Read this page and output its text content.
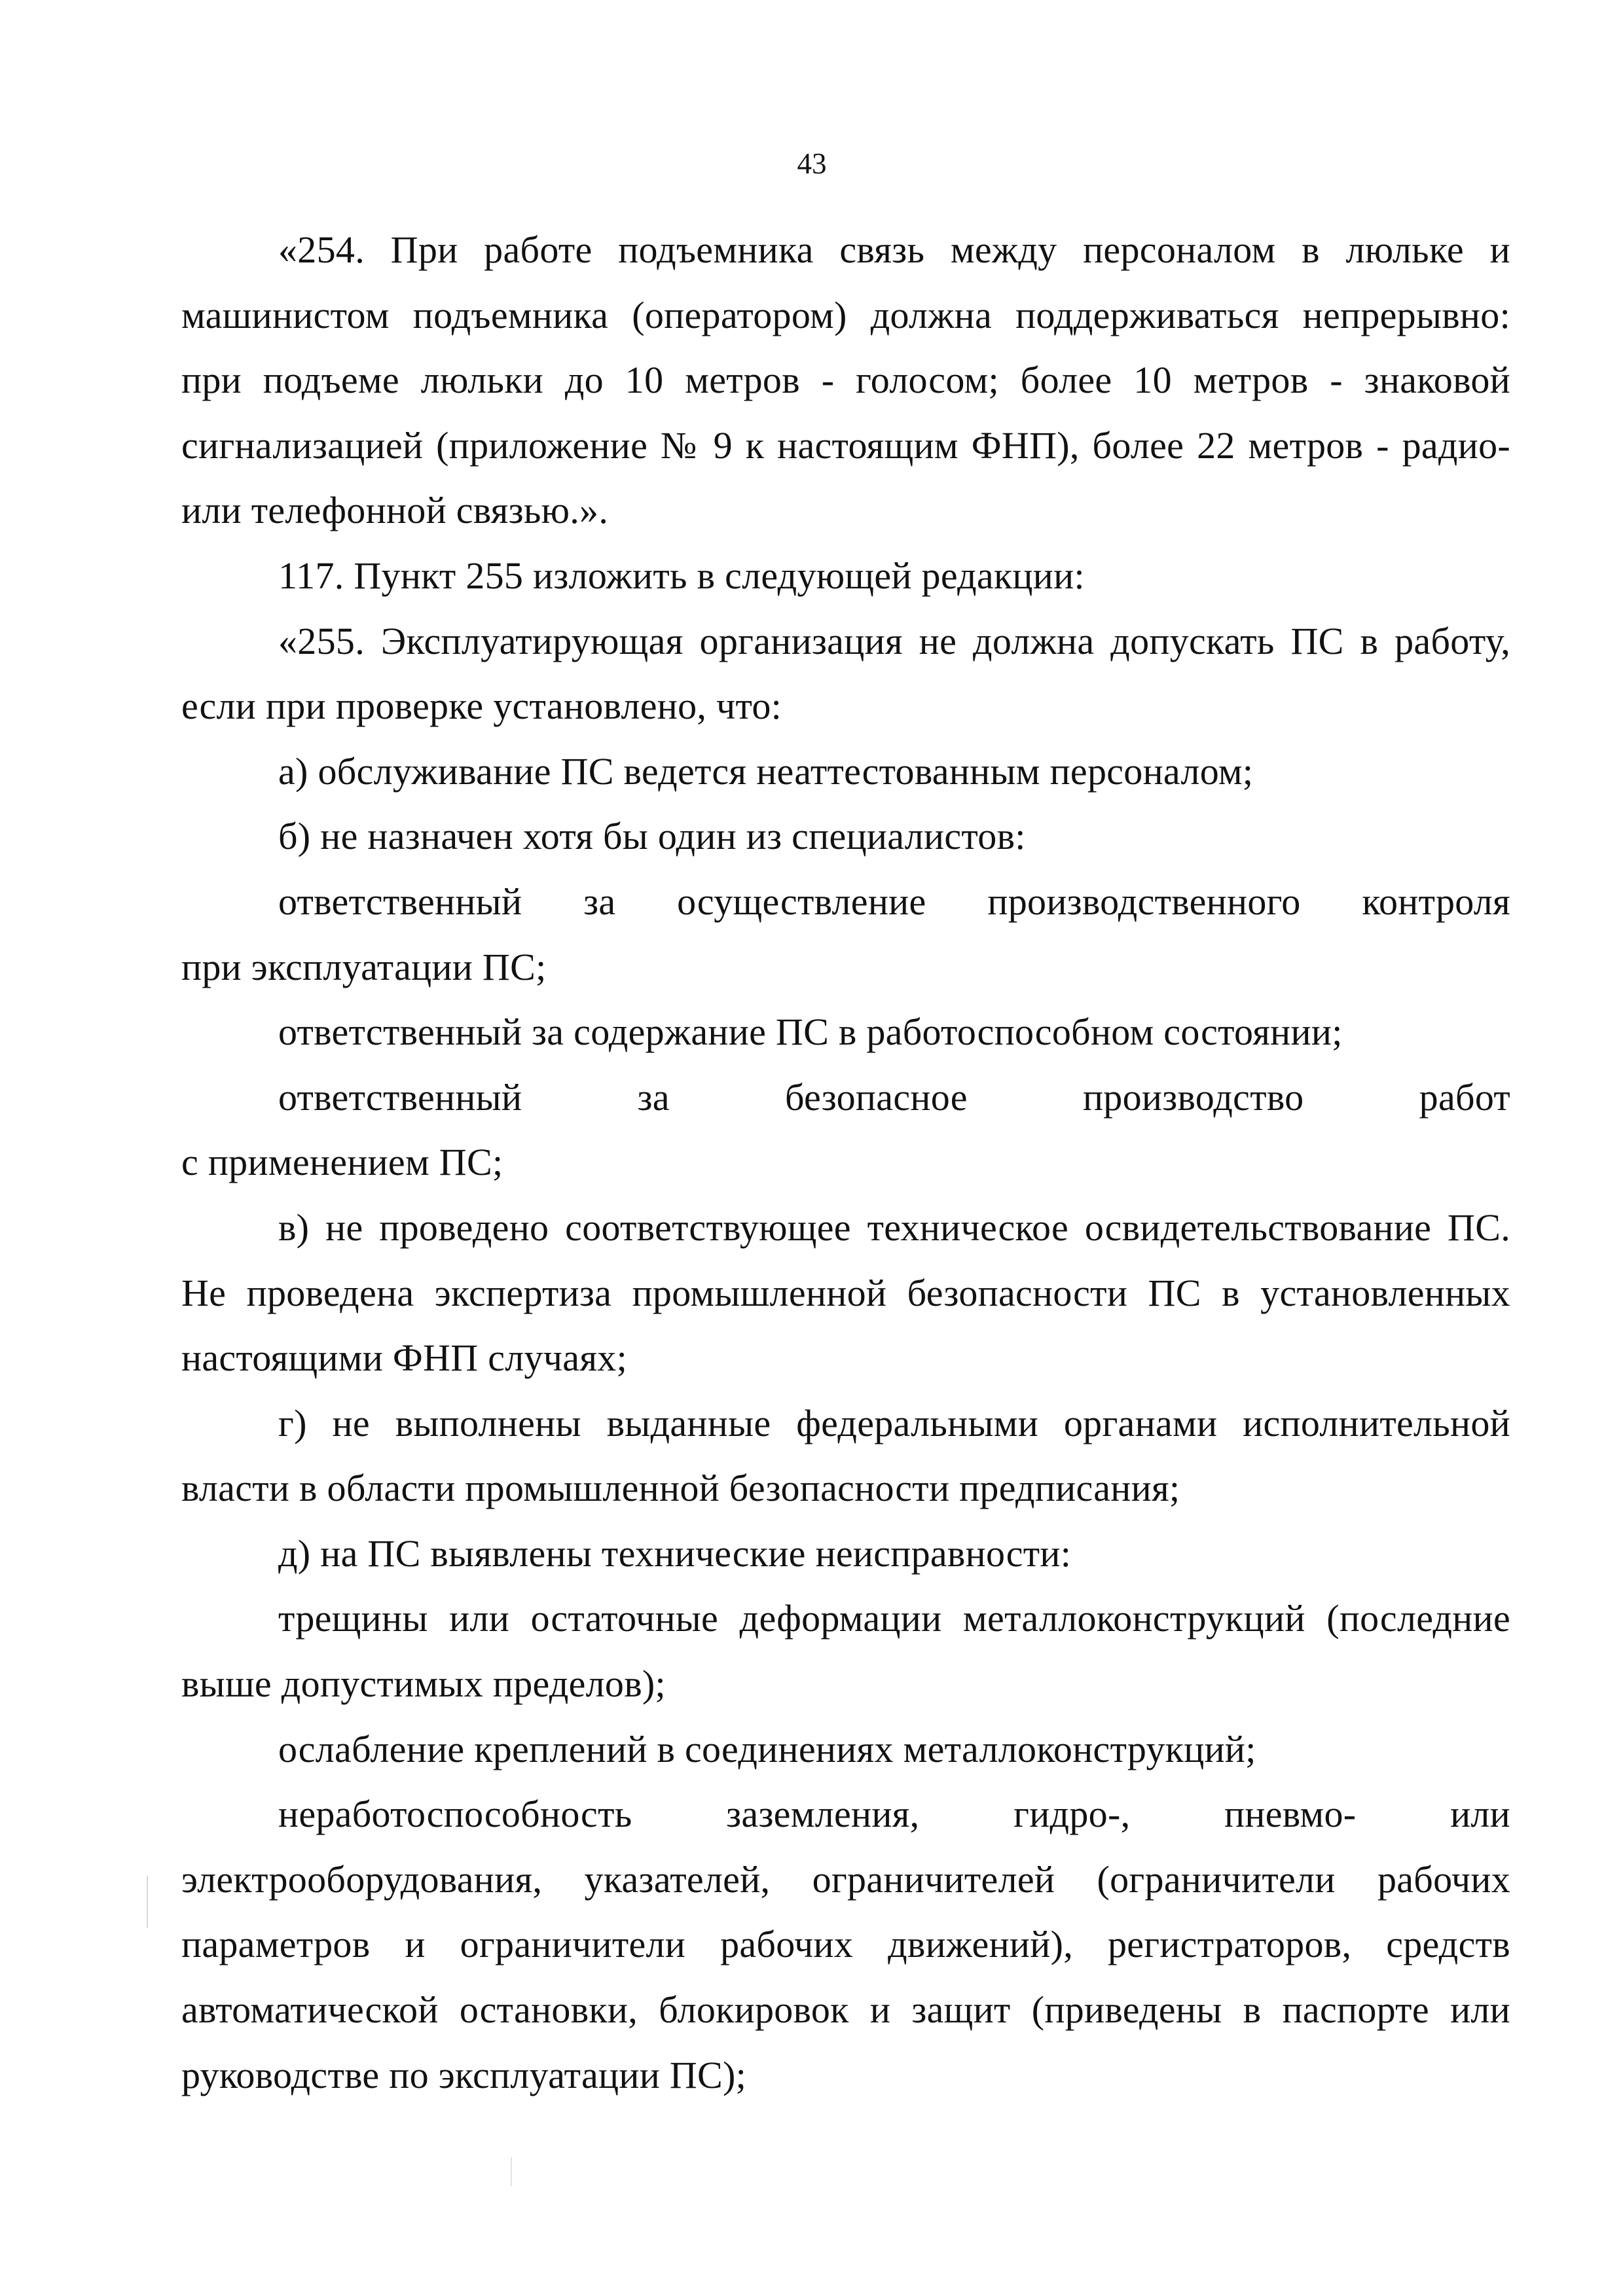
43

«254. При работе подъемника связь между персоналом в люльке и машинистом подъемника (оператором) должна поддерживаться непрерывно: при подъеме люльки до 10 метров - голосом; более 10 метров - знаковой сигнализацией (приложение № 9 к настоящим ФНП), более 22 метров - радио- или телефонной связью.».

117. Пункт 255 изложить в следующей редакции:

«255. Эксплуатирующая организация не должна допускать ПС в работу, если при проверке установлено, что:

а) обслуживание ПС ведется неаттестованным персоналом;

б) не назначен хотя бы один из специалистов:

ответственный за осуществление производственного контроля

при эксплуатации ПС;

ответственный за содержание ПС в работоспособном состоянии;

ответственный за безопасное производство работ

с применением ПС;

в) не проведено соответствующее техническое освидетельствование ПС. Не проведена экспертиза промышленной безопасности ПС в установленных настоящими ФНП случаях;

г) не выполнены выданные федеральными органами исполнительной власти в области промышленной безопасности предписания;

д) на ПС выявлены технические неисправности:

трещины или остаточные деформации металлоконструкций (последние выше допустимых пределов);

ослабление креплений в соединениях металлоконструкций;

неработоспособность заземления, гидро-, пневмо- или

электрооборудования, указателей, ограничителей (ограничители рабочих параметров и ограничители рабочих движений), регистраторов, средств автоматической остановки, блокировок и защит (приведены в паспорте или руководстве по эксплуатации ПС);
